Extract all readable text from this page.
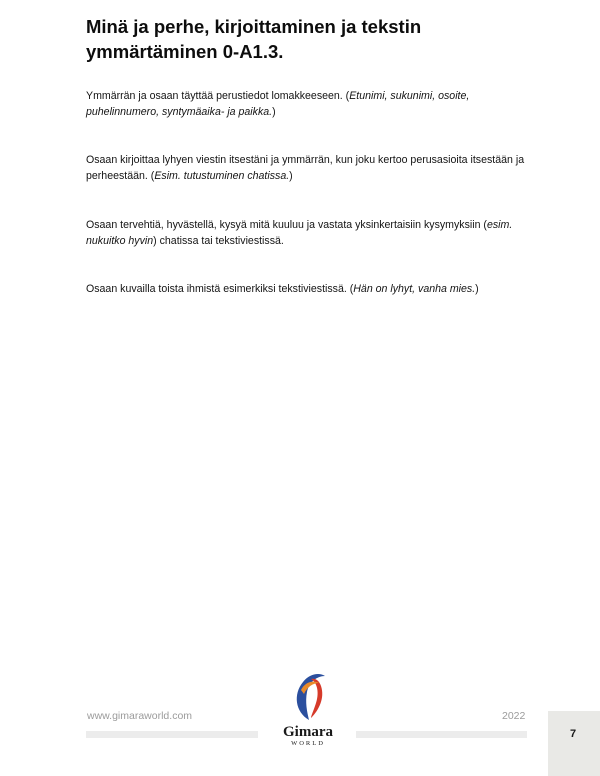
Minä ja perhe, kirjoittaminen ja tekstin ymmärtäminen 0-A1.3.

Ymmärrän ja osaan täyttää perustiedot lomakkeeseen. (Etunimi, sukunimi, osoite, puhelinnumero, syntymäaika- ja paikka.)

Osaan kirjoittaa lyhyen viestin itsestäni ja ymmärrän, kun joku kertoo perusasioita itsestään ja perheestään. (Esim. tutustuminen chatissa.)

Osaan tervehtiä, hyvästellä, kysyä mitä kuuluu ja vastata yksinkertaisiin kysymyksiin (esim. nukuitko hyvin) chatissa tai tekstiviestissä.

Osaan kuvailla toista ihmistä esimerkiksi tekstiviestissä. (Hän on lyhyt, vanha mies.)

www.gimaraworld.com	2022
Gimara
WORLD
7
